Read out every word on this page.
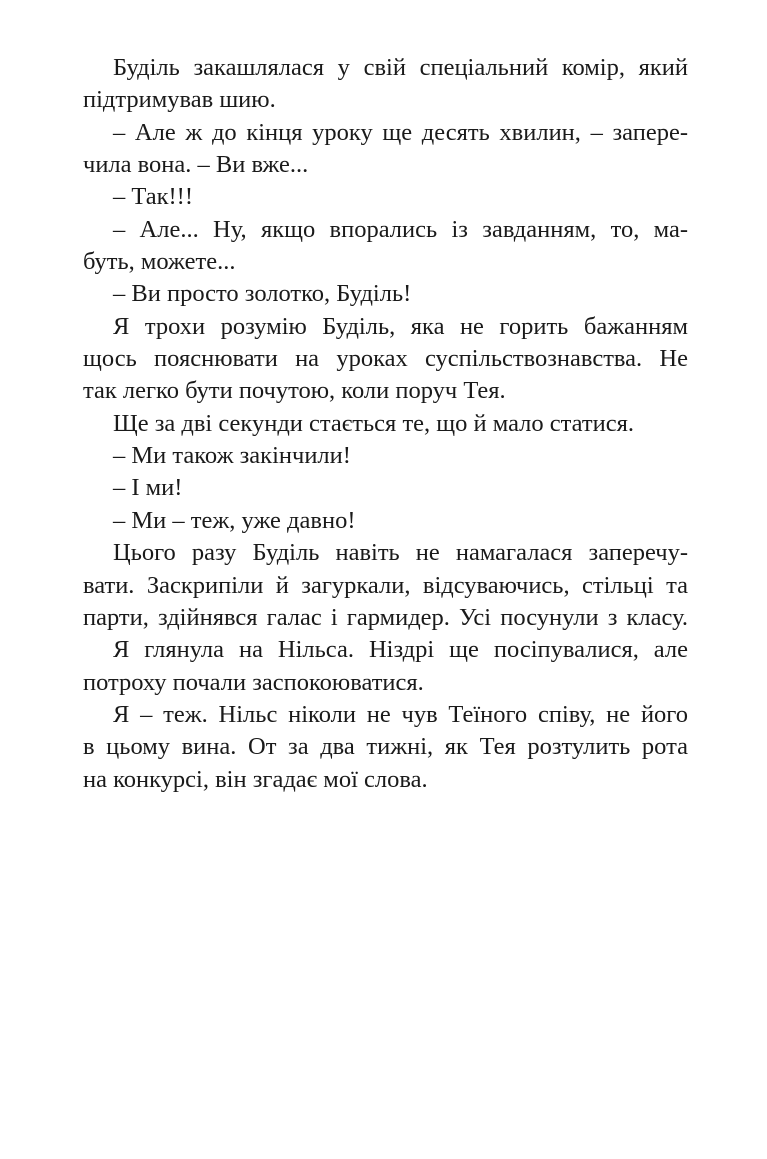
Буділь закашлялася у свій спеціальний комір, який
підтримував шию.
– Але ж до кінця уроку ще десять хвилин, – запере-
чила вона. – Ви вже...
– Так!!!
– Але... Ну, якщо впорались із завданням, то, ма-
буть, можете...
– Ви просто золотко, Буділь!
Я трохи розумію Буділь, яка не горить бажанням
щось пояснювати на уроках суспільствознавства. Не
так легко бути почутою, коли поруч Тея.
Ще за дві секунди стається те, що й мало статися.
– Ми також закінчили!
– І ми!
– Ми – теж, уже давно!
Цього разу Буділь навіть не намагалася заперечу-
вати. Заскрипіли й загуркали, відсуваючись, стільці та
парти, здійнявся галас і гармидер. Усі посунули з класу.
Я глянула на Нільса. Ніздрі ще посіпувалися, але
потроху почали заспокоюватися.
Я – теж. Нільс ніколи не чув Теїного співу, не його
в цьому вина. От за два тижні, як Тея розтулить рота
на конкурсі, він згадає мої слова.
